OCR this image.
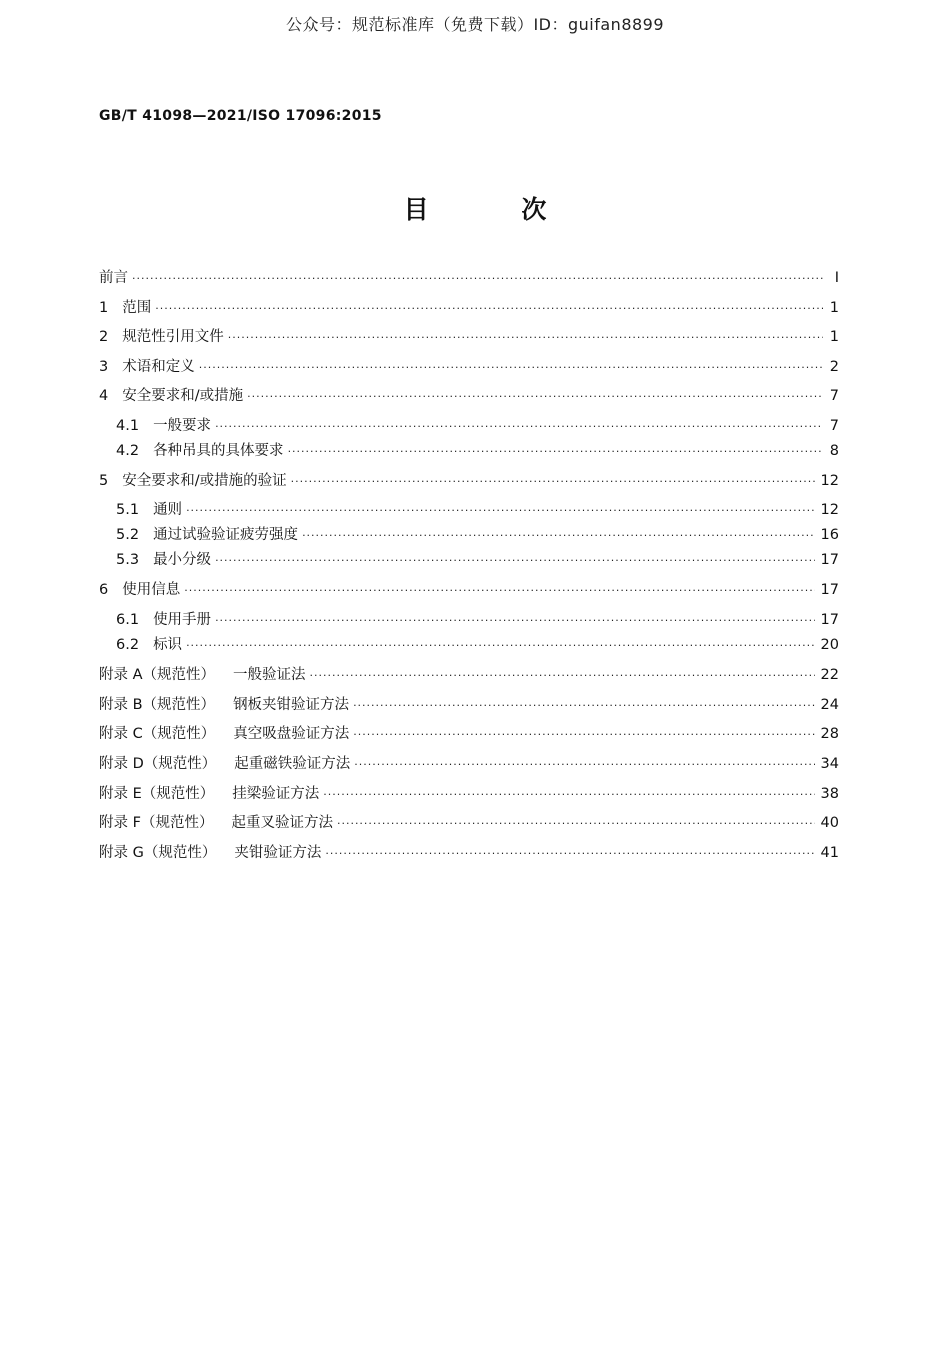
公众号：规范标准库（免费下载）ID：guifan8899
GB/T 41098—2021/ISO 17096:2015
目 次
前言 ·····	Ⅰ
1 范围 ·····	1
2 规范性引用文件 ·····	1
3 术语和定义 ·····	2
4 安全要求和/或措施 ·····	7
4.1 一般要求 ·····	7
4.2 各种吊具的具体要求 ·····	8
5 安全要求和/或措施的验证 ·····	12
5.1 通则 ·····	12
5.2 通过试验验证疲劳强度 ·····	16
5.3 最小分级 ·····	17
6 使用信息 ·····	17
6.1 使用手册 ·····	17
6.2 标识 ·····	20
附录 A（规范性） 一般验证法 ·····	22
附录 B（规范性） 钢板夹钳验证方法 ·····	24
附录 C（规范性） 真空吸盘验证方法 ·····	28
附录 D（规范性） 起重磁铁验证方法 ·····	34
附录 E（规范性） 挂梁验证方法 ·····	38
附录 F（规范性） 起重叉验证方法 ·····	40
附录 G（规范性） 夹钳验证方法 ·····	41
